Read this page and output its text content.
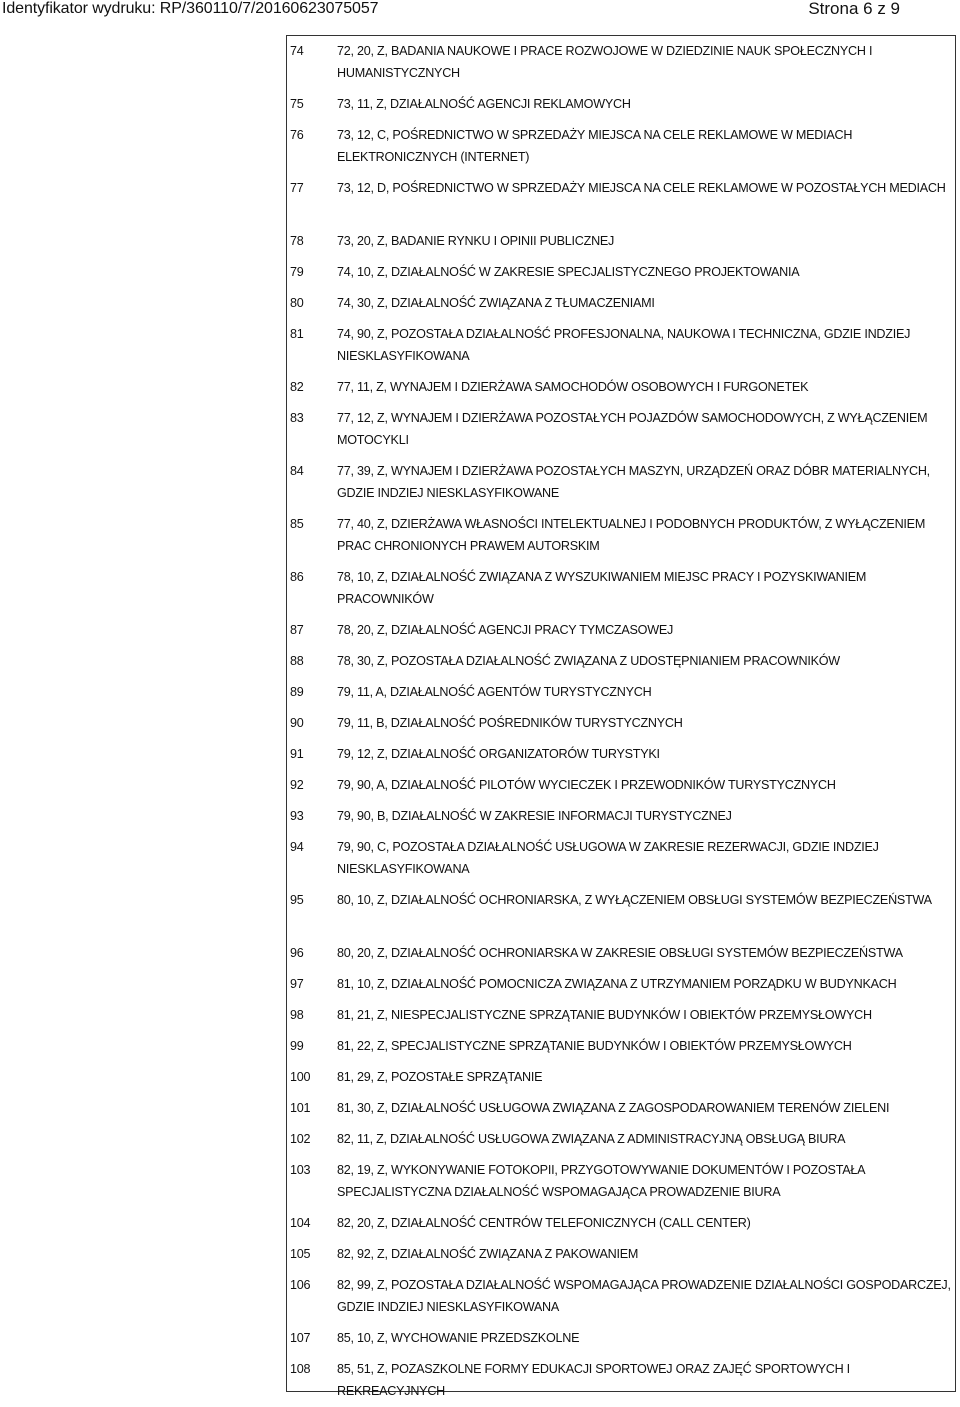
Identyfikator wydruku: RP/360110/7/20160623075057	Strona 6 z 9
74	72, 20, Z, BADANIA NAUKOWE I PRACE ROZWOJOWE W DZIEDZINIE NAUK SPOŁECZNYCH I HUMANISTYCZNYCH
75	73, 11, Z, DZIAŁALNOŚĆ AGENCJI REKLAMOWYCH
76	73, 12, C, POŚREDNICTWO W SPRZEDAŻY MIEJSCA NA CELE REKLAMOWE W MEDIACH ELEKTRONICZNYCH (INTERNET)
77	73, 12, D, POŚREDNICTWO W SPRZEDAŻY MIEJSCA NA CELE REKLAMOWE W POZOSTAŁYCH MEDIACH
78	73, 20, Z, BADANIE RYNKU I OPINII PUBLICZNEJ
79	74, 10, Z, DZIAŁALNOŚĆ W ZAKRESIE SPECJALISTYCZNEGO PROJEKTOWANIA
80	74, 30, Z, DZIAŁALNOŚĆ ZWIĄZANA Z TŁUMACZENIAMI
81	74, 90, Z, POZOSTAŁA DZIAŁALNOŚĆ PROFESJONALNA, NAUKOWA I TECHNICZNA, GDZIE INDZIEJ NIESKLASYFIKOWANA
82	77, 11, Z, WYNAJEM I DZIERŻAWA SAMOCHODÓW OSOBOWYCH I FURGONETEK
83	77, 12, Z, WYNAJEM I DZIERŻAWA POZOSTAŁYCH POJAZDÓW SAMOCHODOWYCH, Z WYŁĄCZENIEM MOTOCYKLI
84	77, 39, Z, WYNAJEM I DZIERŻAWA POZOSTAŁYCH MASZYN, URZĄDZEŃ ORAZ DÓBR MATERIALNYCH, GDZIE INDZIEJ NIESKLASYFIKOWANE
85	77, 40, Z, DZIERŻAWA WŁASNOŚCI INTELEKTUALNEJ I PODOBNYCH PRODUKTÓW, Z WYŁĄCZENIEM PRAC CHRONIONYCH PRAWEM AUTORSKIM
86	78, 10, Z, DZIAŁALNOŚĆ ZWIĄZANA Z WYSZUKIWANIEM MIEJSC PRACY I POZYSKIWANIEM PRACOWNIKÓW
87	78, 20, Z, DZIAŁALNOŚĆ AGENCJI PRACY TYMCZASOWEJ
88	78, 30, Z, POZOSTAŁA DZIAŁALNOŚĆ ZWIĄZANA Z UDOSTĘPNIANIEM PRACOWNIKÓW
89	79, 11, A, DZIAŁALNOŚĆ AGENTÓW TURYSTYCZNYCH
90	79, 11, B, DZIAŁALNOŚĆ POŚREDNIKÓW TURYSTYCZNYCH
91	79, 12, Z, DZIAŁALNOŚĆ ORGANIZATORÓW TURYSTYKI
92	79, 90, A, DZIAŁALNOŚĆ PILOTÓW WYCIECZEK I PRZEWODNIKÓW TURYSTYCZNYCH
93	79, 90, B, DZIAŁALNOŚĆ W ZAKRESIE INFORMACJI TURYSTYCZNEJ
94	79, 90, C, POZOSTAŁA DZIAŁALNOŚĆ USŁUGOWA W ZAKRESIE REZERWACJI, GDZIE INDZIEJ NIESKLASYFIKOWANA
95	80, 10, Z, DZIAŁALNOŚĆ OCHRONIARSKA, Z WYŁĄCZENIEM OBSŁUGI SYSTEMÓW BEZPIECZEŃSTWA
96	80, 20, Z, DZIAŁALNOŚĆ OCHRONIARSKA W ZAKRESIE OBSŁUGI SYSTEMÓW BEZPIECZEŃSTWA
97	81, 10, Z, DZIAŁALNOŚĆ POMOCNICZA ZWIĄZANA Z UTRZYMANIEM PORZĄDKU W BUDYNKACH
98	81, 21, Z, NIESPECJALISTYCZNE SPRZĄTANIE BUDYNKÓW I OBIEKTÓW PRZEMYSŁOWYCH
99	81, 22, Z, SPECJALISTYCZNE SPRZĄTANIE BUDYNKÓW I OBIEKTÓW PRZEMYSŁOWYCH
100	81, 29, Z, POZOSTAŁE SPRZĄTANIE
101	81, 30, Z, DZIAŁALNOŚĆ USŁUGOWA ZWIĄZANA Z ZAGOSPODAROWANIEM TERENÓW ZIELENI
102	82, 11, Z, DZIAŁALNOŚĆ USŁUGOWA ZWIĄZANA Z ADMINISTRACYJNĄ OBSŁUGĄ BIURA
103	82, 19, Z, WYKONYWANIE FOTOKOPII, PRZYGOTOWYWANIE DOKUMENTÓW I POZOSTAŁA SPECJALISTYCZNA DZIAŁALNOŚĆ WSPOMAGAJĄCA PROWADZENIE BIURA
104	82, 20, Z, DZIAŁALNOŚĆ CENTRÓW TELEFONICZNYCH (CALL CENTER)
105	82, 92, Z, DZIAŁALNOŚĆ ZWIĄZANA Z PAKOWANIEM
106	82, 99, Z, POZOSTAŁA DZIAŁALNOŚĆ WSPOMAGAJĄCA PROWADZENIE DZIAŁALNOŚCI GOSPODARCZEJ, GDZIE INDZIEJ NIESKLASYFIKOWANA
107	85, 10, Z, WYCHOWANIE PRZEDSZKOLNE
108	85, 51, Z, POZASZKOLNE FORMY EDUKACJI SPORTOWEJ ORAZ ZAJĘĆ SPORTOWYCH I REKREACYJNYCH
